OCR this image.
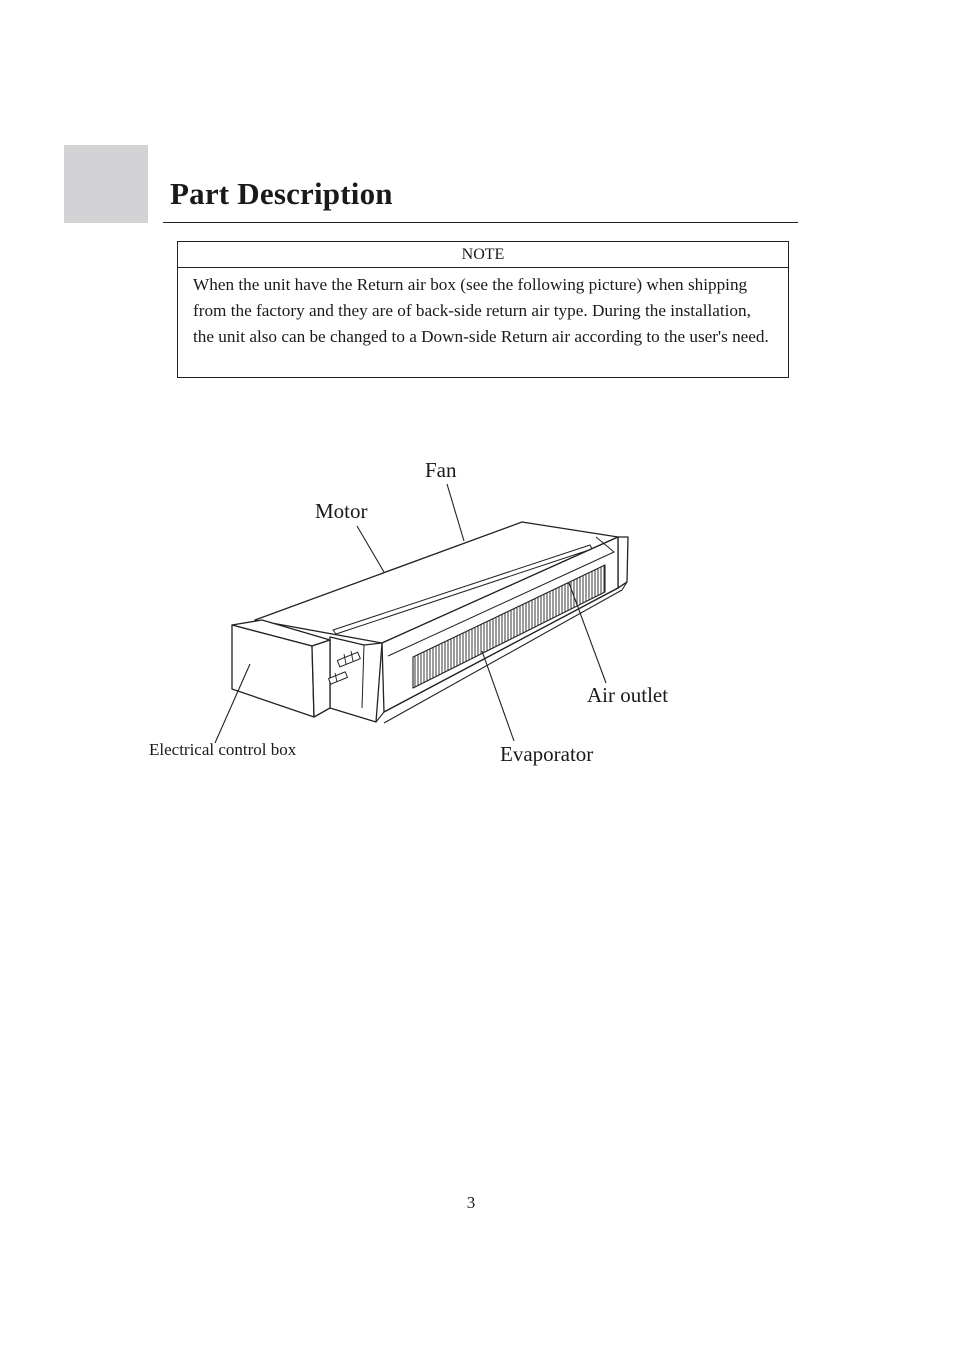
Part Description
NOTE

When the unit have the Return air box (see the following picture) when shipping from the factory and they are of back-side return air type. During the installation, the unit also can be changed to a Down-side Return air according to the user's need.

Fan
Motor
Air outlet
Evaporator
Electrical control box
3
